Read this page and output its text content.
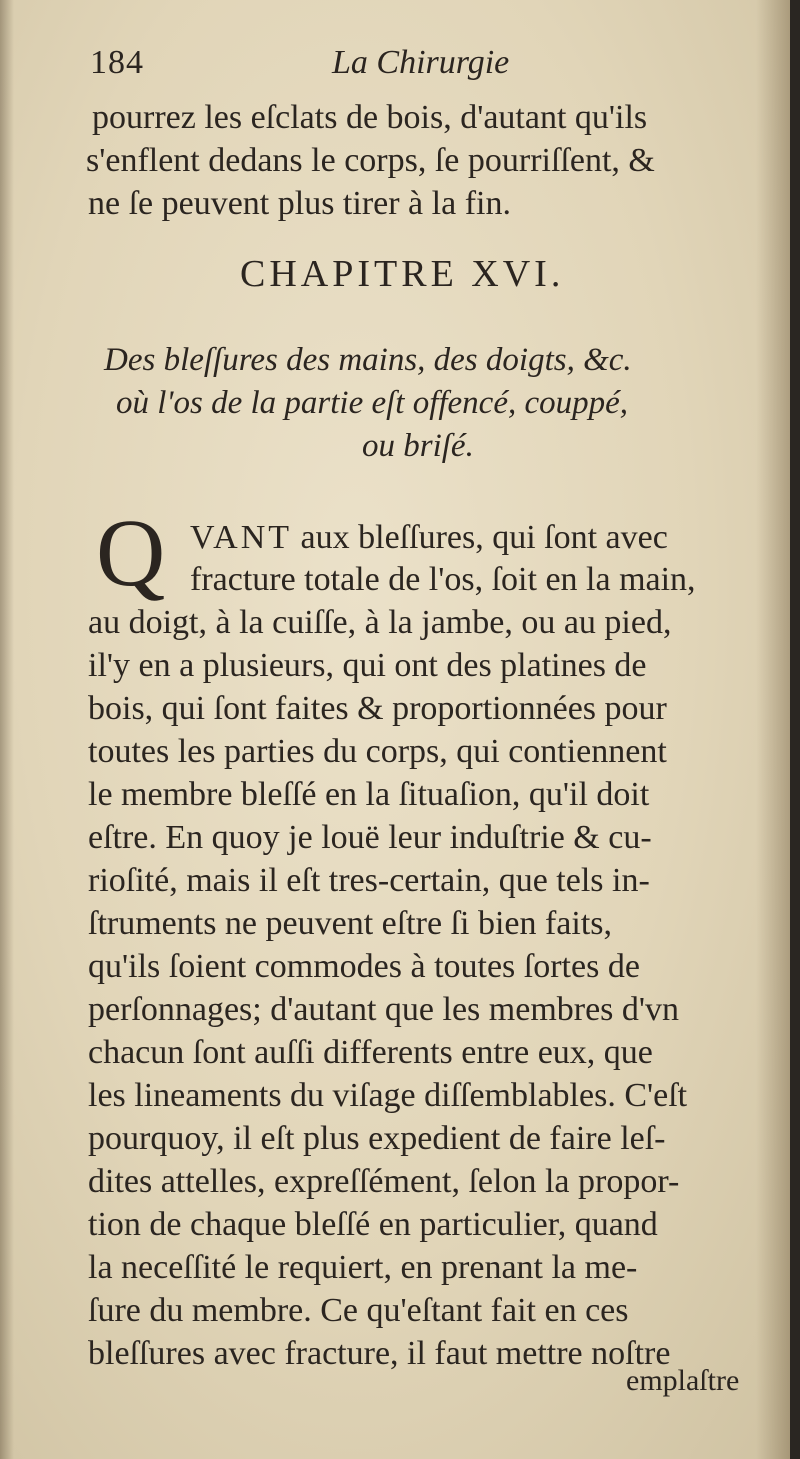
184	La Chirurgie
pourrez les eſclats de bois, d'autant qu'ils
s'enflent dedans le corps, ſe pourriſſent, &
ne ſe peuvent plus tirer à la fin.
CHAPITRE XVI.
Des bleſſures des mains, des doigts, &c.
où l'os de la partie eſt offencé, couppé,
ou briſé.
Q VANT aux bleſſures, qui ſont avec
fracture totale de l'os, ſoit en la main,
au doigt, à la cuiſſe, à la jambe, ou au pied,
il'y en a plusieurs, qui ont des platines de
bois, qui ſont faites & proportionnées pour
toutes les parties du corps, qui contiennent
le membre bleſſé en la ſituaſion, qu'il doit
eſtre. En quoy je louë leur induſtrie & cu-
rioſité, mais il eſt tres-certain, que tels in-
ſtruments ne peuvent eſtre ſi bien faits,
qu'ils ſoient commodes à toutes ſortes de
perſonnages; d'autant que les membres d'vn
chacun ſont auſſi differents entre eux, que
les lineaments du viſage diſſemblables. C'eſt
pourquoy, il eſt plus expedient de faire leſ-
dites attelles, expreſſément, ſelon la propor-
tion de chaque bleſſé en particulier, quand
la neceſſité le requiert, en prenant la me-
ſure du membre. Ce qu'eſtant fait en ces
bleſſures avec fracture, il faut mettre noſtre
emplaſtre
